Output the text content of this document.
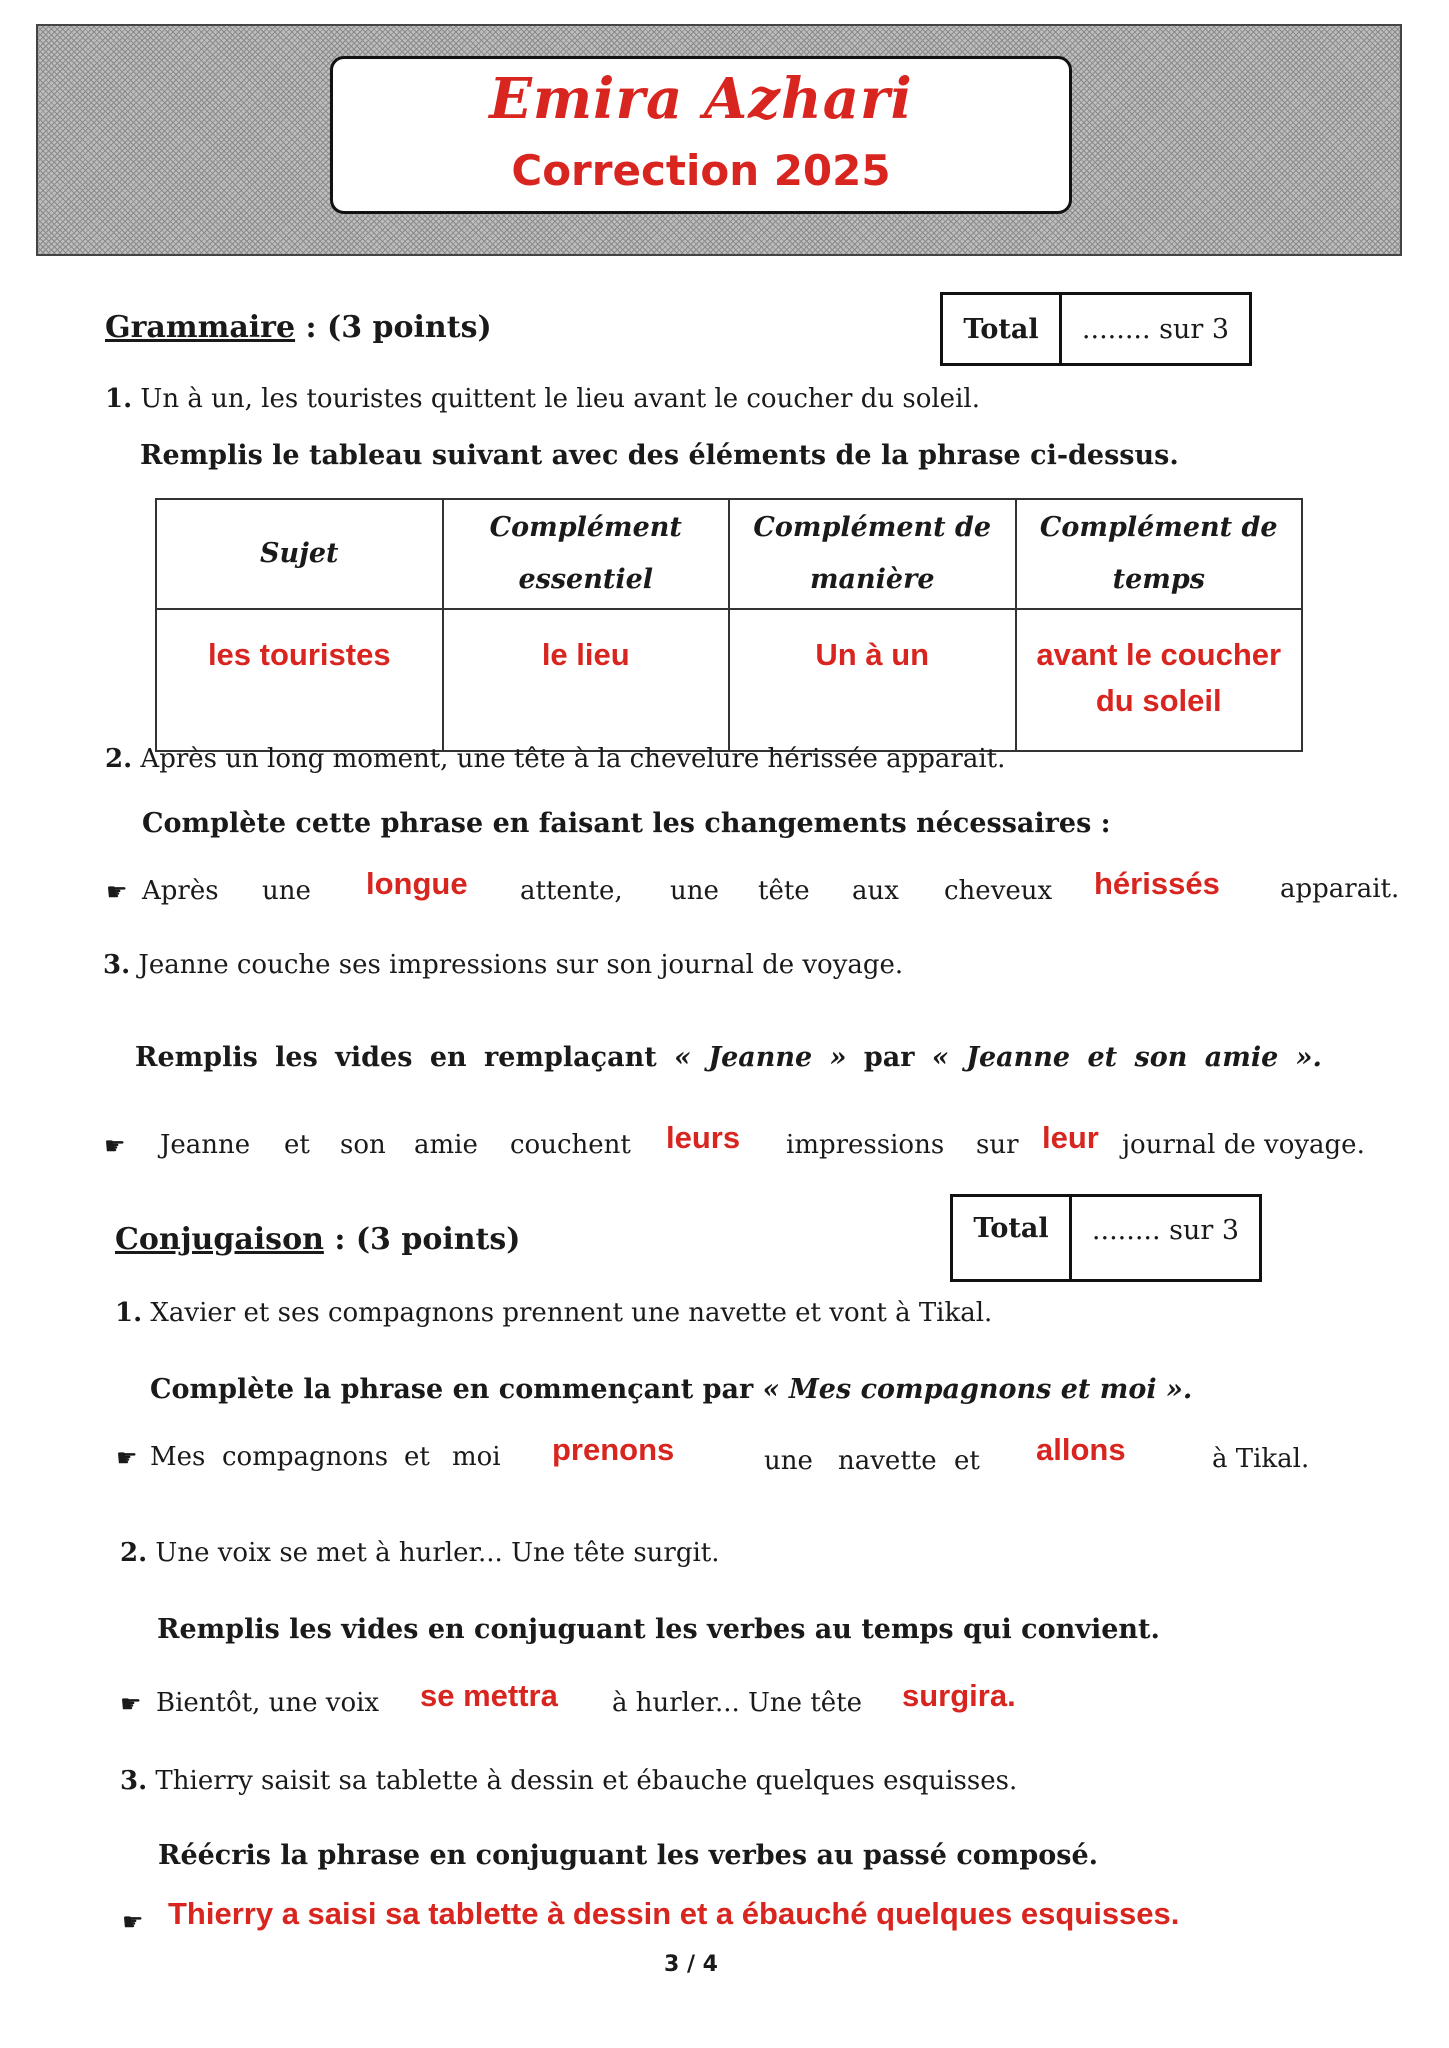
Emira Azhari
Correction 2025
Grammaire : (3 points)	Total	........ sur 3
1. Un à un, les touristes quittent le lieu avant le coucher du soleil.
Remplis le tableau suivant avec des éléments de la phrase ci-dessus.
Sujet	Complément essentiel	Complément de manière	Complément de temps
les touristes	le lieu	Un à un	avant le coucher du soleil
2. Après un long moment, une tête à la chevelure hérissée apparait.
Complète cette phrase en faisant les changements nécessaires :
☛ Après une longue attente, une tête aux cheveux hérissés apparait.
3. Jeanne couche ses impressions sur son journal de voyage.
Remplis les vides en remplaçant « Jeanne » par « Jeanne et son amie ».
☛ Jeanne et son amie couchent leurs impressions sur leur journal de voyage.
Conjugaison : (3 points)	Total	........ sur 3
1. Xavier et ses compagnons prennent une navette et vont à Tikal.
Complète la phrase en commençant par « Mes compagnons et moi ».
☛ Mes compagnons et moi prenons	une navette et allons	à Tikal.
2. Une voix se met à hurler... Une tête surgit.
Remplis les vides en conjuguant les verbes au temps qui convient.
☛ Bientôt, une voix se mettra à hurler... Une tête surgira.
3. Thierry saisit sa tablette à dessin et ébauche quelques esquisses.
Réécris la phrase en conjuguant les verbes au passé composé.
☛ Thierry a saisi sa tablette à dessin et a ébauché quelques esquisses.
3 / 4
